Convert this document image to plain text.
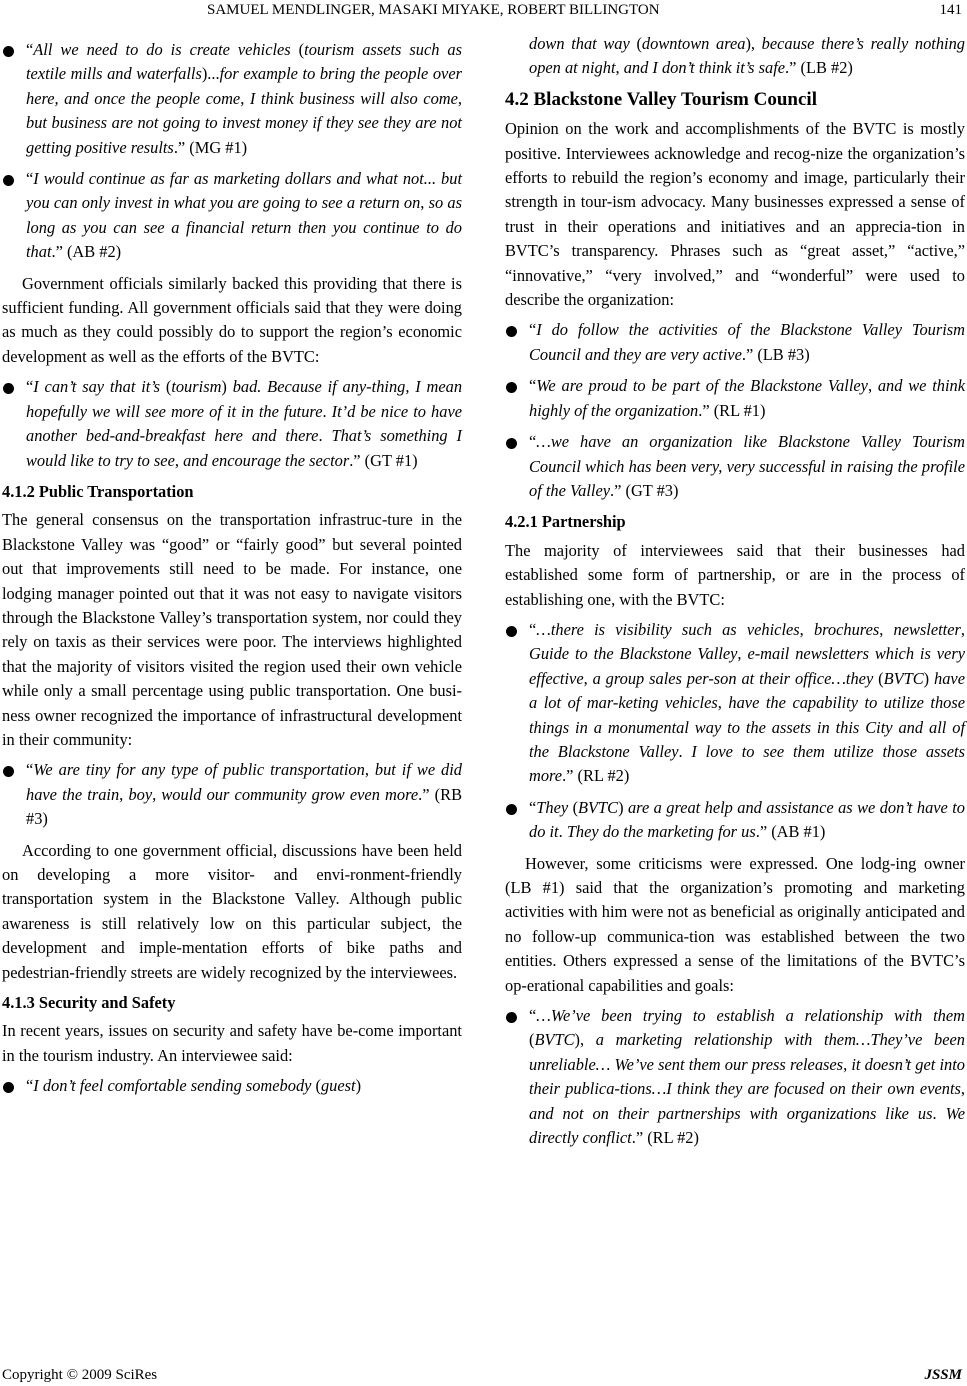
SAMUEL MENDLINGER, MASAKI MIYAKE, ROBERT BILLINGTON	141
“All we need to do is create vehicles (tourism assets such as textile mills and waterfalls)...for example to bring the people over here, and once the people come, I think business will also come, but business are not going to invest money if they see they are not getting positive results.” (MG #1)
“I would continue as far as marketing dollars and what not... but you can only invest in what you are going to see a return on, so as long as you can see a financial return then you continue to do that.” (AB #2)

Government officials similarly backed this providing that there is sufficient funding. All government officials said that they were doing as much as they could possibly do to support the region’s economic development as well as the efforts of the BVTC:

“I can’t say that it’s (tourism) bad. Because if any-thing, I mean hopefully we will see more of it in the future. It’d be nice to have another bed-and-breakfast here and there. That’s something I would like to try to see, and encourage the sector.” (GT #1)
4.1.2 Public Transportation

The general consensus on the transportation infrastruc-ture in the Blackstone Valley was “good” or “fairly good” but several pointed out that improvements still need to be made. For instance, one lodging manager pointed out that it was not easy to navigate visitors through the Blackstone Valley’s transportation system, nor could they rely on taxis as their services were poor. The interviews highlighted that the majority of visitors visited the region used their own vehicle while only a small percentage using public transportation. One busi-ness owner recognized the importance of infrastructural development in their community:

“We are tiny for any type of public transportation, but if we did have the train, boy, would our community grow even more.” (RB #3)

According to one government official, discussions have been held on developing a more visitor- and envi-ronment-friendly transportation system in the Blackstone Valley. Although public awareness is still relatively low on this particular subject, the development and imple-mentation efforts of bike paths and pedestrian-friendly streets are widely recognized by the interviewees.

4.1.3 Security and Safety

In recent years, issues on security and safety have be-come important in the tourism industry. An interviewee said:

“I don’t feel comfortable sending somebody (guest)
down that way (downtown area), because there’s really nothing open at night, and I don’t think it’s safe.” (LB #2)
4.2 Blackstone Valley Tourism Council

Opinion on the work and accomplishments of the BVTC is mostly positive. Interviewees acknowledge and recog-nize the organization’s efforts to rebuild the region’s economy and image, particularly their strength in tour-ism advocacy. Many businesses expressed a sense of trust in their operations and initiatives and an apprecia-tion in BVTC’s transparency. Phrases such as “great asset,” “active,” “innovative,” “very involved,” and “wonderful” were used to describe the organization:

“I do follow the activities of the Blackstone Valley Tourism Council and they are very active.” (LB #3)
“We are proud to be part of the Blackstone Valley, and we think highly of the organization.” (RL #1)
“…we have an organization like Blackstone Valley Tourism Council which has been very, very successful in raising the profile of the Valley.” (GT #3)
4.2.1 Partnership

The majority of interviewees said that their businesses had established some form of partnership, or are in the process of establishing one, with the BVTC:

“…there is visibility such as vehicles, brochures, newsletter, Guide to the Blackstone Valley, e-mail newsletters which is very effective, a group sales per-son at their office…they (BVTC) have a lot of mar-keting vehicles, have the capability to utilize those things in a monumental way to the assets in this City and all of the Blackstone Valley. I love to see them utilize those assets more.” (RL #2)
“They (BVTC) are a great help and assistance as we don’t have to do it. They do the marketing for us.” (AB #1)

However, some criticisms were expressed. One lodg-ing owner (LB #1) said that the organization’s promoting and marketing activities with him were not as beneficial as originally anticipated and no follow-up communica-tion was established between the two entities. Others expressed a sense of the limitations of the BVTC’s op-erational capabilities and goals:

“…We’ve been trying to establish a relationship with them (BVTC), a marketing relationship with them…They’ve been unreliable… We’ve sent them our press releases, it doesn’t get into their publica-tions…I think they are focused on their own events, and not on their partnerships with organizations like us. We directly conflict.” (RL #2)
Copyright © 2009 SciRes	JSSM
